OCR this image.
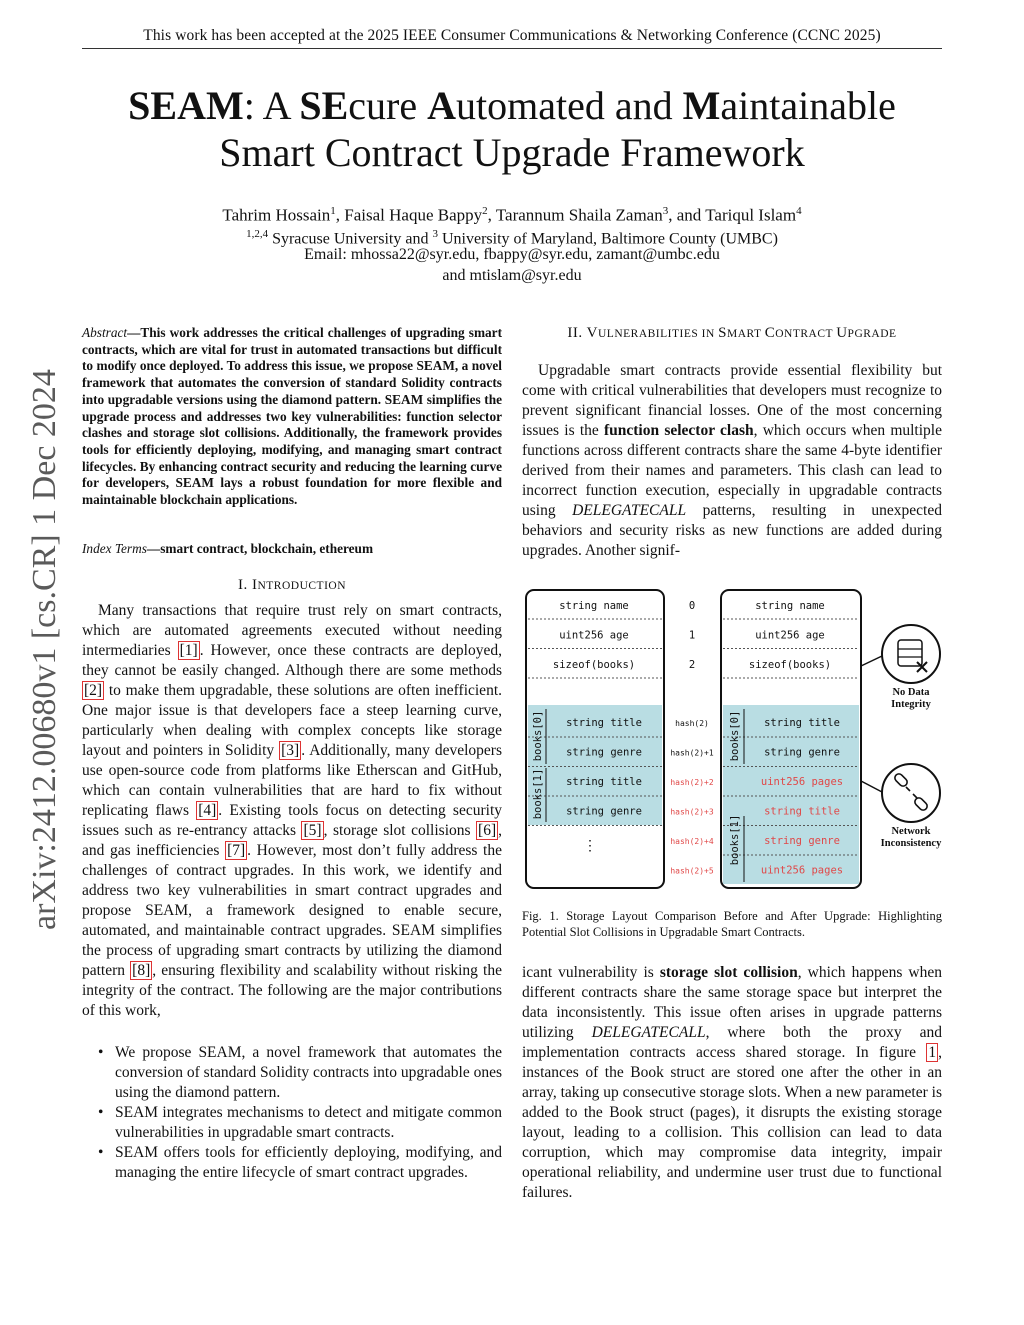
This work has been accepted at the 2025 IEEE Consumer Communications & Networking Conference (CCNC 2025)
arXiv:2412.00680v1 [cs.CR] 1 Dec 2024
SEAM: A SEcure Automated and Maintainable
Smart Contract Upgrade Framework
Tahrim Hossain$^1$, Faisal Haque Bappy$^2$, Tarannum Shaila Zaman$^3$, and Tariqul Islam$^4$
$^{1,2,4}$ Syracuse University and $^3$ University of Maryland, Baltimore County (UMBC)
Email: mhossa22@syr.edu, fbappy@syr.edu, zamant@umbc.edu
and mtislam@syr.edu
Abstract—This work addresses the critical challenges of upgrading smart contracts, which are vital for trust in automated transactions but difficult to modify once deployed. To address this issue, we propose SEAM, a novel framework that automates the conversion of standard Solidity contracts into upgradable versions using the diamond pattern. SEAM simplifies the upgrade process and addresses two key vulnerabilities: function selector clashes and storage slot collisions. Additionally, the framework provides tools for efficiently deploying, modifying, and managing smart contract lifecycles. By enhancing contract security and reducing the learning curve for developers, SEAM lays a robust foundation for more flexible and maintainable blockchain applications.
Index Terms—smart contract, blockchain, ethereum
I. INTRODUCTION

Many transactions that require trust rely on smart contracts, which are automated agreements executed without needing intermediaries [1] . However, once these contracts are deployed, they cannot be easily changed. Although there are some methods [2] to make them upgradable, these solutions are often inefficient. One major issue is that developers face a steep learning curve, particularly when dealing with complex concepts like storage layout and pointers in Solidity [3] . Additionally, many developers use open-source code from platforms like Etherscan and GitHub, which can contain vulnerabilities that are hard to fix without replicating flaws [4] . Existing tools focus on detecting security issues such as re-entrancy attacks [5] , storage slot collisions [6] , and gas inefficiencies [7] . However, most don’t fully address the challenges of contract upgrades. In this work, we identify and address two key vulnerabilities in smart contract upgrades and propose SEAM, a framework designed to enable secure, automated, and maintainable contract upgrades. SEAM simplifies the process of upgrading smart contracts by utilizing the diamond pattern [8] , ensuring flexibility and scalability without risking the integrity of the contract. The following are the major contributions of this work,

• We propose SEAM, a novel framework that automates the conversion of standard Solidity contracts into upgradable ones using the diamond pattern.
• SEAM integrates mechanisms to detect and mitigate common vulnerabilities in upgradable smart contracts.
• SEAM offers tools for efficiently deploying, modifying, and managing the entire lifecycle of smart contract upgrades.
II. VULNERABILITIES IN SMART CONTRACT UPGRADE

Upgradable smart contracts provide essential flexibility but come with critical vulnerabilities that developers must recognize to prevent significant financial losses. One of the most concerning issues is the function selector clash, which occurs when multiple functions across different contracts share the same 4-byte identifier derived from their names and parameters. This clash can lead to incorrect function execution, especially in upgradable contracts using DELEGATECALL patterns, resulting in unexpected behaviors and security risks as new functions are added during upgrades. Another signif-

string name
uint256 age
sizeof(books)
string name
uint256 age
sizeof(books)
0
1
2
string title
string genre
string title
string genre
⋮
string title
string genre
uint256 pages
string title
string genre
uint256 pages
hash(2)
hash(2)+1
hash(2)+2
hash(2)+3
hash(2)+4
hash(2)+5
books[0]
books[1]
books[0]
books[1]
No Data
Integrity
Network
Inconsistency
Fig. 1. Storage Layout Comparison Before and After Upgrade: Highlighting Potential Slot Collisions in Upgradable Smart Contracts.

icant vulnerability is storage slot collision, which happens when different contracts share the same storage space but interpret the data inconsistently. This issue often arises in upgrade patterns utilizing DELEGATECALL, where both the proxy and implementation contracts access shared storage. In figure 1 , instances of the Book struct are stored one after the other in an array, taking up consecutive storage slots. When a new parameter is added to the Book struct (pages), it disrupts the existing storage layout, leading to a collision. This collision can lead to data corruption, which may compromise data integrity, impair operational reliability, and undermine user trust due to functional failures.
